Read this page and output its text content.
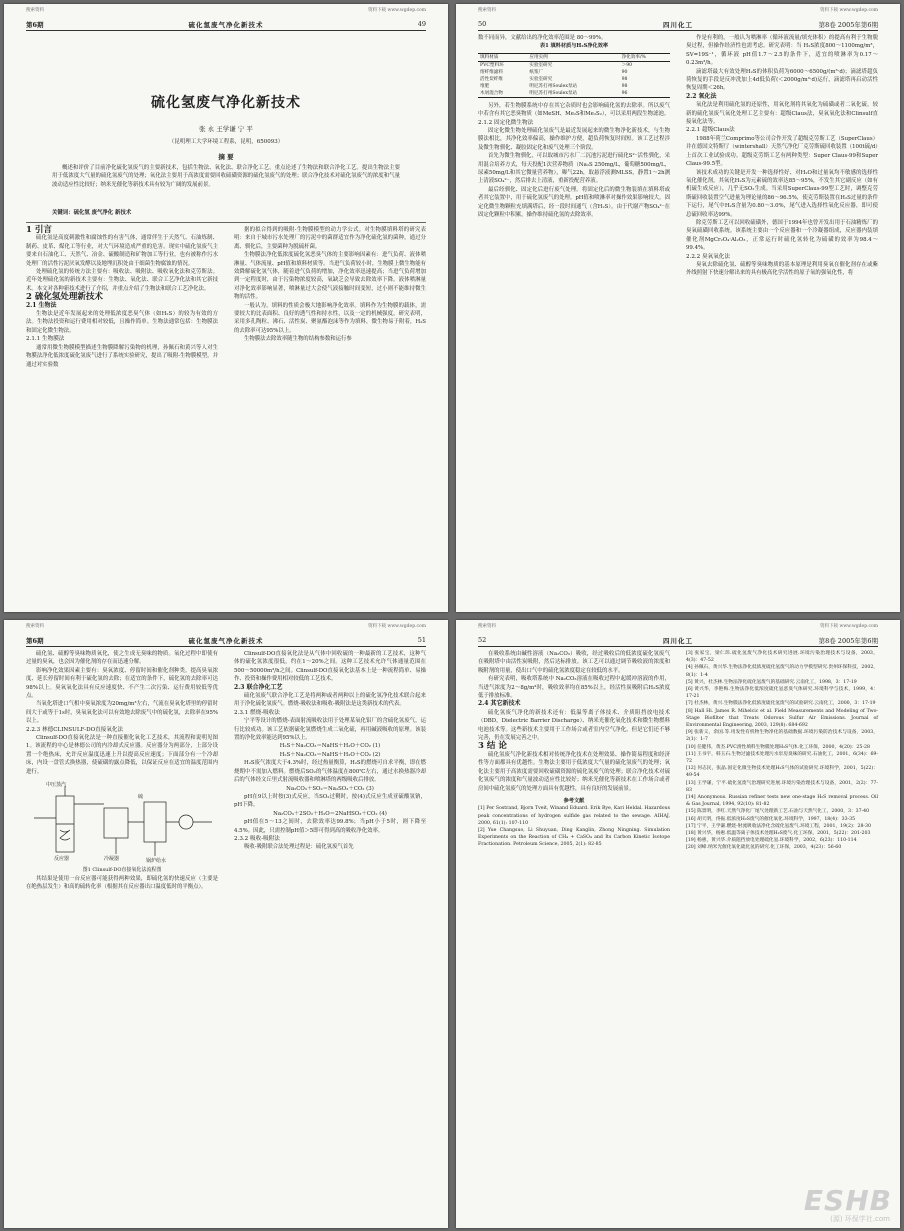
搜索资料	资料下载 www.wgdep.com
第6期	硫化氢废气净化新技术	49
硫化氢废气净化新技术
张 永 王学谦 宁 平
（昆明理工大学环境工程系，昆明，650093）
摘 要

概述和评价了目前净化硫化氢废气的主要新技术，包括生物法、氧化法、联合净化工艺。重点论述了生物法和联合净化工艺。提出生物法主要用于低浓度大气量的硫化氢废气的处理；氧化法主要用于高浓度需要回收硫磺资源的硫化氢废气的处理；联合净化技术对硫化氢废气的浓度和气量波动适应性比较好；纳米光催化等新技术具有较为广阔的发展前景。

关键词：硫化氢 废气净化 新技术

1 引言

硫化氢是高度刺激性和腐蚀性的有害气体，通常伴生于天然气、石油炼制、制药、皮革、煤化工等行业，对大气环境造成严重的危害。现实中硫化氢废气主要来自石油化工、天然气、冶金、硫酸制造和矿物加工等行业，也有被称作污水处理厂的活性污泥厌氧发酵以及地埋沉积处由于细菌生物腐蚀的情况。

处理硫化氢的传统方法主要有：吸收法、吸附法、吸收氧化法和克劳斯法。近年处理硫化氢的新技术主要有：生物法、氧化法、联合工艺净化法和其它新技术。本文对各种新技术进行了介绍，并重点介绍了生物法和联合工艺净化法。

2 硫化氢处理新技术

2.1 生物法

生物法是近年发展起来的处理低浓度恶臭气体（如H₂S）的较为有效的方法。生物法投资和运行费用相对较低，且操作简单。生物法通常包括：生物膜法和固定化微生物法。

2.1.1 生物膜法

通常用微生物膜模型描述生物膜降解污染物的机理，孙佩石和黄兴等人对生物膜法净化低浓度硫化氢废气进行了系统实验研究，提出了吸附-生物膜模型，并通过对实验数

据的拟合得到的吸附-生物膜模型的动力学公式。对生物膜填料塔的研究表明：来自于城市污水处理厂的污泥中的菌群适宜作为净化硫化氢的菌种，通过分离、驯化后，主要菌种为脱硫杆菌。

生物膜法净化低浓度硫化氢恶臭气体的主要影响因素有：进气负荷、液体喷淋量、气体流量、pH值和填料材质等。当进气负荷较小时，生物膜上微生物能有效降解硫化氢气体，随着进气负荷的增加，净化效率迅速提高；当进气负荷增加到一定程度时，由于污染物浓度较高，氧缺乏会导致去除效率下降。液体喷淋量对净化效率影响显著，喷淋量过大会使气液接触时间变短，过小则不能维持微生物的活性。

一般认为，填料的性质会极大地影响净化效率。填料作为生物膜的载体，需要较大的比表面积、良好的透气性和持水性，以及一定的机械强度。研究表明，采用多孔陶粒、沸石、活性炭、聚氨酯泡沫等作为填料，微生物易于附着，H₂S的去除率可达95%以上。

生物膜法去除效率随生物的结构参数和运行参

搜索资料	资料下载 www.wgdep.com
50	四川化工	第8卷 2005年第6期

数不同而异，文献给出的净化效率范围是 80～99%。

表1 填料材质与H₂S净化效率
填料材质	应用实例	净化效率/%
PVC塑料环	实验室研究	＞90
熔纤维滤料	纸浆厂	90
活性炭纤维	实验室研究	98
堆肥	明尼苏打州Soulex泵站	98
木屑混合物	明尼苏打州Soulex泵站	96

另外，若生物膜系统中存在其它杂质时也会影响硫化氢的去除率。所以废气中若含有其它恶臭物质（如MeSH、Me₂S和Me₂S₂），可以采用两段生物滤池。

2.1.2 固定化微生物法

固定化微生物处理硫化氢废气是最近发展起来的微生物净化新技术，与生物膜法相比，其净化效率偏高，操作维护方便，超负荷恢复时间短。该工艺过程涉及微生物驯化、凝胶固定化和废气处理三个阶段。

首先为微生物驯化，可以取城市污水厂二沉池污泥进行硫化S²⁻活性驯化，采用混合培养方式，每天投配1次营养物质（Na₂S 250mg/L，葡萄糖500mg/L，尿素50mg/L和其它微量营养物），曝气22h，取悬浮液测MLSS，静置1～2h测上清液SO₄²⁻，然后排去上清液，重新投配营养液。

最后经驯化、固定化后进行废气处理。将固定化后的微生物装填在填料塔或者其它装置中，用于硫化氢废气的处理。pH值和喷淋率对操作效果影响较大。固定化微生物颗粒充填满塔后，经一段时间通气（含H₂S），由于代谢产物SO₄²⁻在固定化颗粒中积累，操作维持硫化氢的去除效率。

作是有利的。一般认为喷淋率（循环液流量/填充体积）的提高有利于生物脱臭过程，但操作经济性也需考虑。研究表明：当 H₂S浓度800～1100mg/m³，SV=19S⁻¹，循环液 pH值1.7～2.5的条件下，适宜的喷淋率为0.17～0.23m³/h。

滴滤塔最大有效处理H₂S的体积负荷为6000～6500g/(m³·d)；滴滤塔超负荷恢复的手段是反冲洗加上4d低负荷(＜2000g/m³·d)运行，滴滤塔再启动活性恢复周期＜26h。

2.2 氧化法

氧化法是利用硫化氢的还原性，用氧化剂将其氧化为硫磺或者二氧化硫。较新的硫化氢废气氧化处理工艺主要有：超级Claus法，臭氧氧化法和Clinsulf直接氧化法等。

2.2.1 超级Claus法

1988年荷兰Comprimo等公司合作开发了超级克劳斯工艺（SuperClaus）并在德国文特斯厅（wintershall）天然气净化厂克劳斯硫回收装置（100t硫/d）上首次工业试验成功。超级克劳斯工艺有两种类型：Super Claus-99和Super Claus-99.5型。

该技术成功的关键是开发一种选择性好、对H₂O和过量氧均不敏感的选择性氧化催化剂，其氧化H₂S为元素硫的效率达85～95%，不发生其它副反应（如有机硫生成反应），几乎无SO₂生成。当采用SuperClaus-99型工艺时，调整克劳斯硫回收装置空气进量为理论量的86～96.5%，使克劳斯装置在H₂S过量的条件下运行，尾气中H₂S含量为0.80～3.0%，尾气进入选择性氧化反应器，即可使总硫回收率达99%。

除克劳斯工艺可以回收硫磺外，德国于1994年也曾开发出用于石油精炼厂的臭氧硫磺回收系统。该系统主要由一个反应器和一个冷凝器组成，反应器内装填催化剂MgCr₂O₄·Al₂O₃，正常运行时硫化氢转化为硫磺的效率为98.4～99.4%。

2.2.2 臭氧氧化法

臭氧去除硫化氢、硫醇等臭味物质的基本原理是利用臭氧在催化剂存在或紫外线照射下快速分解出来的具有极高化学活性的原子氧的强氧化性，将

搜索资料	资料下载 www.wgdep.com
第6期	硫化氢废气净化新技术	51

硫化氢、硫醇等臭味物质氧化，使之生成无臭味的物质。氧化过程中即使有过量的臭氧，也会因为催化剂的存在而迅速分解。

影响净化效果因素主要有：臭氧浓度、停留时间和催化剂种类。提高臭氧浓度、延长停留时间有利于硫化氢的去除；在适宜的条件下，硫化氢的去除率可达98%以上。臭氧氧化法具有反应速度快、不产生二次污染、运行费用较低等优点。

当氧化塔进口气相中臭氧浓度为20mg/m³左右，气流在臭氧化塔里的停留时间大于或等于1s时，臭氧氧化法可以有效地去除废气中的硫化氢，去除率在95%以上。

2.2.3 林德CLINSULF-DO直接氧化法

Clinsulf-DO直接氧化法是一种直接催化氧化工艺技术，其流程和说明见图1。该流程的中心是林德公司的内冷却式反应器。反应器分为两部分，上部分设置一个绝热床，允许反应温度迅速上升以提高反应速度；下面部分有一个冷却床，内设一盘管式换热器，使硫磺的露点降低，以保证反应在适宜的温度范围内进行。

中压蒸汽
反应器	冷凝器
硫
锅炉给水
图1 Clinsulf-DO直接氧化法流程图

其结果是使用一台反应器可能获得两种效果，即硫化氢的快速反应（主要是在绝热层发生）和高的硫转化率（根据其在反应器出口温度低时的平衡点）。

Clinsulf-DO直接氧化法是从气体中回收硫的一种最新的工艺技术，这种气体的硫化氢浓度很低，约在1～20%之间。这种工艺技术允许气体通量范围在500～50000m³/h之间。Clinsulf-DO直接氧化法基本上是一种流程简单、易操作、投资和操作费用相对较低的工艺技术。

2.3 联合净化工艺

硫化氢废气联合净化工艺是将两种或者两种以上的硫化氢净化技术联合起来用于净化硫化氢废气。燃烧-吸收法和吸收-吸附法是这类新技术的代表。

2.3.1 燃烧-吸收法

宁平等设计的燃烧-表面射流吸收法用于处理某氧化铝厂的含硫化氢废气，运行比较成功。该工艺依据硫化氢燃烧生成二氧化硫，再用碱液吸收的原理。该装置的净化效率能达到95%以上。

H₂S＋Na₂CO₃＝NaHS＋H₂O＋CO₂ (1)

H₂S＋Na₂CO₃＝NaHS＋H₂O＋CO₂ (2)

H₂S废气浓度大于4.3%时，经过热量衡算，H₂S的燃烧可自求平衡，即在燃烧期中不需加入燃料。燃烧后SO₂的气体温度在800℃左右，通过水换热器冷却后的气体经文丘里式射流吸收器和喷淋塔的两级吸收后排放。

Na₂CO₃＋SO₂＝Na₂SO₃＋CO₂ (3)

pH在9以上时按(3)式反应，当SO₂过剩时，按(4)式反应生成亚硫酸氢钠，pH下降。

Na₂CO₃＋2SO₂＋H₂O＝2NaHSO₃＋CO₂ (4)

pH值在5～13之间时，去除效率达99.8%；当pH小于5时，则下降至4.5%。因此，只需控制pH值＞5即可得到高的吸收净化效率。

2.3.2 吸收-吸附法

吸收-吸附联合法处理过程是：硫化氢废气首先

搜索资料	资料下载 www.wgdep.com
52	四川化工	第8卷 2005年第6期

在吸收系统由碱性溶液（Na₂CO₃）吸收，经过吸收后的低浓度硫化氢废气在吸附塔中由活性炭吸附，然后达标排放。该工艺可以通过调节吸收液的浓度和吸附剂的用量，使出口气中的硫化氢浓度稳定在较低的水平。

有研究表明，吸收塔系统中 Na₂CO₃溶液在吸收过程中起缓冲溶液的作用，当进气浓度为2～8g/m³时，吸收效率均在85%以上，经活性炭吸附后H₂S浓度低于排放标准。

2.4 其它新技术

硫化氢废气净化的新技术还有：低温等离子体技术、介质阻挡放电技术（DBD，Dielectric Barrier Discharge）、纳米光催化氧化技术和微生物燃料电池技术等。这些新技术主要用于工作场合或者室内空气净化，但是它们还不够完善，仍在发展完善之中。

3 结 论

硫化氢废气净化新技术相对传统净化技术在处理效果、操作简易程度和经济性等方面都具有优越性。生物法主要用于低浓度大气量的硫化氢废气的处理；氧化法主要用于高浓度需要回收硫磺资源的硫化氢废气的处理；联合净化技术对硫化氢废气的浓度和气量波动适应性比较好；纳米光催化等新技术在工作场合或者房间中硫化氢废气的处理方面具有优越性，具有良好的发展前景。

参考文献

[1] Per Sostrand, Bjorn Tveit, Winand Eduard. Erik Bye, Kari Heldal. Hazardous peak concentrations of hydrogen sulfide gas related to the sewage. AIHAJ, 2000, 61(1): 107-110

[2] Yue Changsuo, Li Shuyuan, Ding Kanglin, Zhong Ningning. Simulation Experiments on the Reaction of CH₄ + CaSO₄ and Its Carbon Kinetic Isotope Fractionation. Petroleum Science, 2005, 2(1): 82-85

[3] 张家宝，梁仁玮.硫化氢废气净化技术研究进展.环境污染治理技术与设备，2003，4(3)：47-52

[4] 孙佩石，黄兴华.生物法净化低浓度硫化氢废气的动力学模型研究.贵州环保科技，2002，8(1)：1-4

[5] 黄兴，杜杰林.生物法净化硫化氢废气的基础研究.云南化工，1998，3：17-19

[6] 黄兴华，李艳梅.生物法净化低浓度硫化氢恶臭气体研究.环境科学与技术，1999，4：17-21

[7] 杜杰林，黄兴.生物膜法净化低浓度硫化氢废气的试验研究.云南化工，2000，3：17-19

[8] Hall Hi. James R. Mihelcic et al. Field Measurements and Modeling of Two-Stage Biofilter that Treats Odorous Sulfur Air Emissions. Journal of Environmental Engineering, 2003, 129(8): 684-692

[9] 张新义，余国.等.用发性有机物生物净化的基础数据.环境污染防治技术与设备，2003，2(1)：1-7

[10] 任健伟，黄杰.PVC滑性填料生物膜处理H₂S气体.化工环保，2000，4(20)：25-28

[11] 王书宇，韩玉石.生物过滤技术处理污水泵房臭味的研究.石油化工，2001，6(34)：69-72

[12] 何志民，张晶.固定化微生物技术处理H₂S气体的试验研究.环境科学，2001，5(22)：49-54

[13] 王学谦，宁平.硫化氢废气治理研究进展.环境污染治理技术与设备，2001，2(2)：77-83

[14] Anonymous. Russian refiner tests new one-stage H₂S removal process. Oil & Gas Journal, 1994, 92(10): 81-82

[15] 陈景明，李红.天然气净化厂尾气处理新工艺.石油与天然气化工，2000，3：37-40

[16] 胡天明，佟振.低浓度H₂S废气的催化氧化.环境科学，1997，18(4)：33-35

[17] 宁平，王学谦.燃烧-射流吸收法净化含硫化氢废气.环境工程，2001，19(2)：28-30

[18] 黄兴华，杨惠.低温等离子体技术处理H₂S废气.化工环保，2001，5(22)：201-203

[19] 杨惠，黄兴华.介质阻挡放电处理硫化氢.环境科学，2002，6(23)：110-114

[20] 刘峰.纳米光催化氧化硫化氢的研究.化工环保，2003，4(23)：56-60

ESHB
(源) 环保学社.com
